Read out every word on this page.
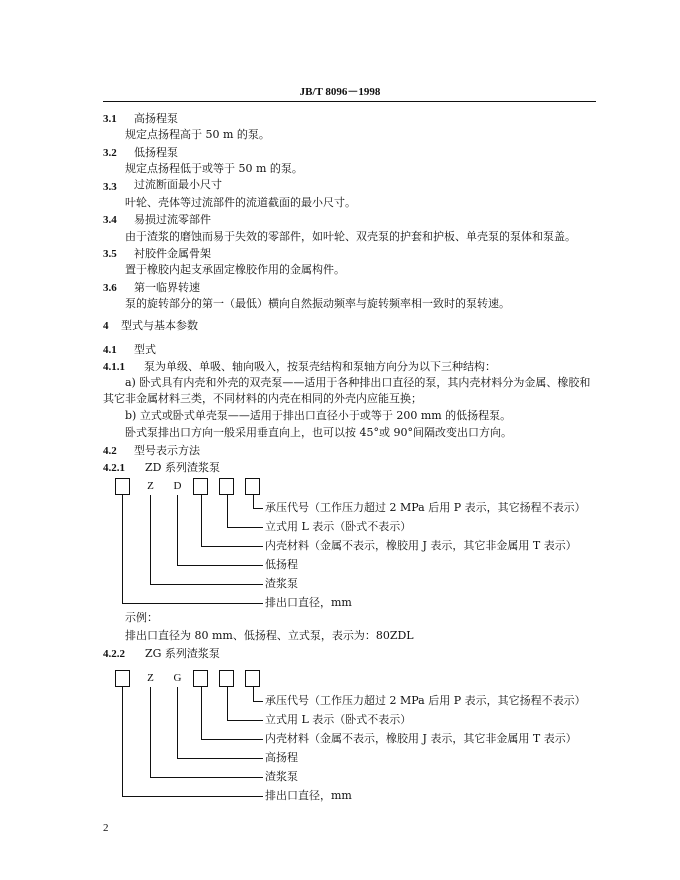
JB/T 8096－1998
3.1 高扬程泵
规定点扬程高于 50 m 的泵。
3.2 低扬程泵
规定点扬程低于或等于 50 m 的泵。
3.3 过流断面最小尺寸
叶轮、壳体等过流部件的流道截面的最小尺寸。
3.4 易损过流零部件
由于渣浆的磨蚀而易于失效的零部件，如叶轮、双壳泵的护套和护板、单壳泵的泵体和泵盖。
3.5 衬胶件金属骨架
置于橡胶内起支承固定橡胶作用的金属构件。
3.6 第一临界转速
泵的旋转部分的第一（最低）横向自然振动频率与旋转频率相一致时的泵转速。
4 型式与基本参数
4.1 型式
4.1.1 泵为单级、单吸、轴向吸入，按泵壳结构和泵轴方向分为以下三种结构：
a) 卧式具有内壳和外壳的双壳泵——适用于各种排出口直径的泵，其内壳材料分为金属、橡胶和
其它非金属材料三类，不同材料的内壳在相同的外壳内应能互换；
b) 立式或卧式单壳泵——适用于排出口直径小于或等于 200 mm 的低扬程泵。
卧式泵排出口方向一般采用垂直向上，也可以按 45°或 90°间隔改变出口方向。
4.2 型号表示方法
4.2.1 ZD 系列渣浆泵
Z	D
承压代号（工作压力超过 2 MPa 后用 P 表示，其它扬程不表示）
立式用 L 表示（卧式不表示）
内壳材料（金属不表示，橡胶用 J 表示，其它非金属用 T 表示）
低扬程
渣浆泵
排出口直径，mm
示例：
排出口直径为 80 mm、低扬程、立式泵，表示为：80ZDL
4.2.2 ZG 系列渣浆泵
Z	G
承压代号（工作压力超过 2 MPa 后用 P 表示，其它扬程不表示）
立式用 L 表示（卧式不表示）
内壳材料（金属不表示，橡胶用 J 表示，其它非金属用 T 表示）
高扬程
渣浆泵
排出口直径，mm
2
